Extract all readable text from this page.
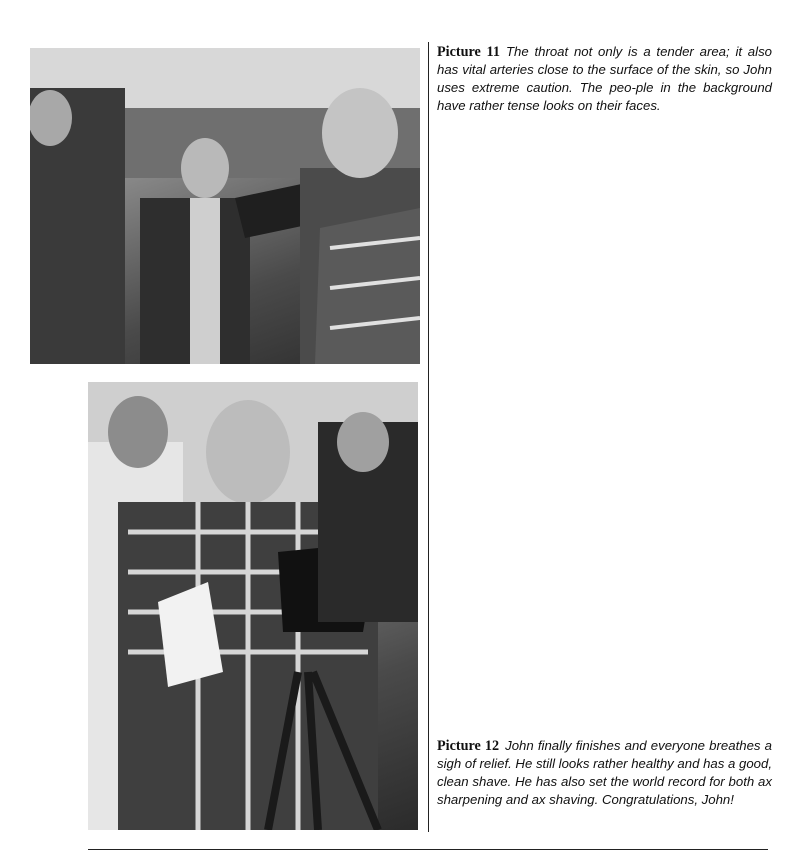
Picture 11 The throat not only is a tender area; it also has vital arteries close to the surface of the skin, so John uses extreme caution. The peo-ple in the background have rather tense looks on their faces.
Picture 12 John finally finishes and everyone breathes a sigh of relief. He still looks rather healthy and has a good, clean shave. He has also set the world record for both ax sharpening and ax shaving. Congratulations, John!
